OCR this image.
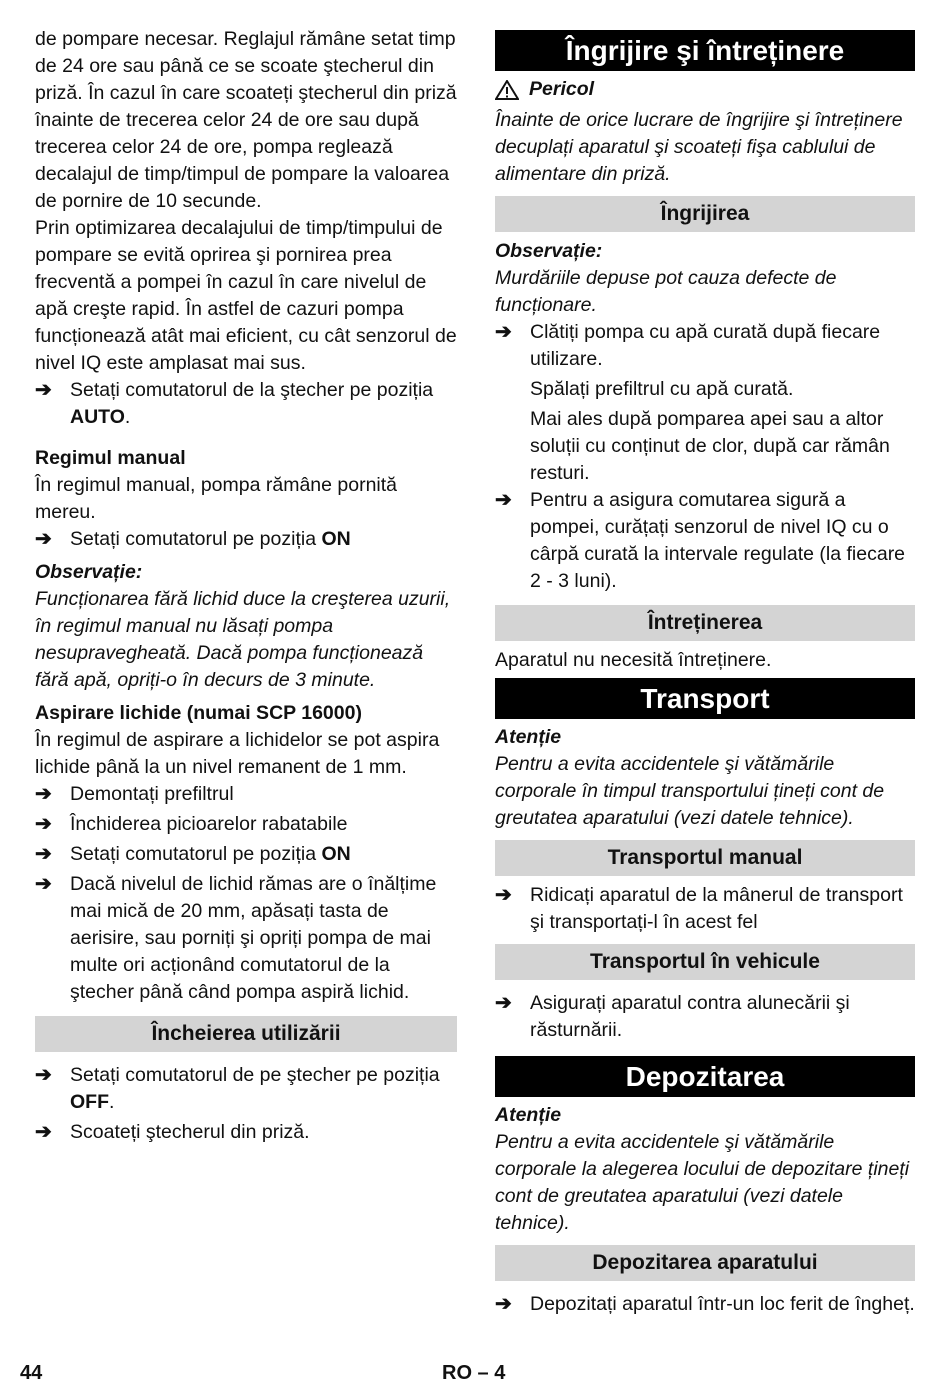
de pompare necesar. Reglajul rămâne setat timp de 24 ore sau până ce se scoate ştecherul din priză. În cazul în care scoateți ştecherul din priză înainte de trecerea celor 24 de ore sau după trecerea celor 24 de ore, pompa reglează decalajul de timp/timpul de pompare la valoarea de pornire de 10 secunde.

Prin optimizarea decalajului de timp/timpului de pompare se evită oprirea şi pornirea prea frecventă a pompei în cazul în care nivelul de apă creşte rapid. În astfel de cazuri pompa funcționează atât mai eficient, cu cât senzorul de nivel IQ este amplasat mai sus.

➔ Setați comutatorul de la ştecher pe poziția AUTO.
Regimul manual

În regimul manual, pompa rămâne pornită mereu.

➔ Setați comutatorul pe poziția ON
Observație:

Funcționarea fără lichid duce la creşterea uzurii, în regimul manual nu lăsați pompa nesupravegheată. Dacă pompa funcționează fără apă, opriți-o în decurs de 3 minute.

Aspirare lichide (numai SCP 16000)

În regimul de aspirare a lichidelor se pot aspira lichide până la un nivel remanent de 1 mm.

➔ Demontați prefiltrul
➔ Închiderea picioarelor rabatabile
➔ Setați comutatorul pe poziția ON
➔ Dacă nivelul de lichid rămas are o înălțime mai mică de 20 mm, apăsați tasta de aerisire, sau porniți şi opriți pompa de mai multe ori acționând comutatorul de la ştecher până când pompa aspiră lichid.
Încheierea utilizării
➔ Setați comutatorul de pe ştecher pe poziția OFF.
➔ Scoateți ştecherul din priză.
Îngrijire şi întreținere
Pericol

Înainte de orice lucrare de îngrijire şi întreținere decuplați aparatul şi scoateți fişa cablului de alimentare din priză.

Îngrijirea
Observație:

Murdăriile depuse pot cauza defecte de funcționare.

➔ Clătiți pompa cu apă curată după fiecare utilizare.
Spălați prefiltrul cu apă curată.
Mai ales după pomparea apei sau a altor soluții cu conținut de clor, după car rămân resturi.
➔ Pentru a asigura comutarea sigură a pompei, curățați senzorul de nivel IQ cu o cârpă curată la intervale regulate (la fiecare 2 - 3 luni).
Întreținerea

Aparatul nu necesită întreținere.

Transport
Atenție

Pentru a evita accidentele şi vătămările corporale în timpul transportului țineți cont de greutatea aparatului (vezi datele tehnice).

Transportul manual
➔ Ridicați aparatul de la mânerul de transport şi transportați-l în acest fel
Transportul în vehicule
➔ Asigurați aparatul contra alunecării şi răsturnării.
Depozitarea
Atenție

Pentru a evita accidentele şi vătămările corporale la alegerea locului de depozitare țineți cont de greutatea aparatului (vezi datele tehnice).

Depozitarea aparatului
➔ Depozitați aparatul într-un loc ferit de îngheț.
44	RO – 4
